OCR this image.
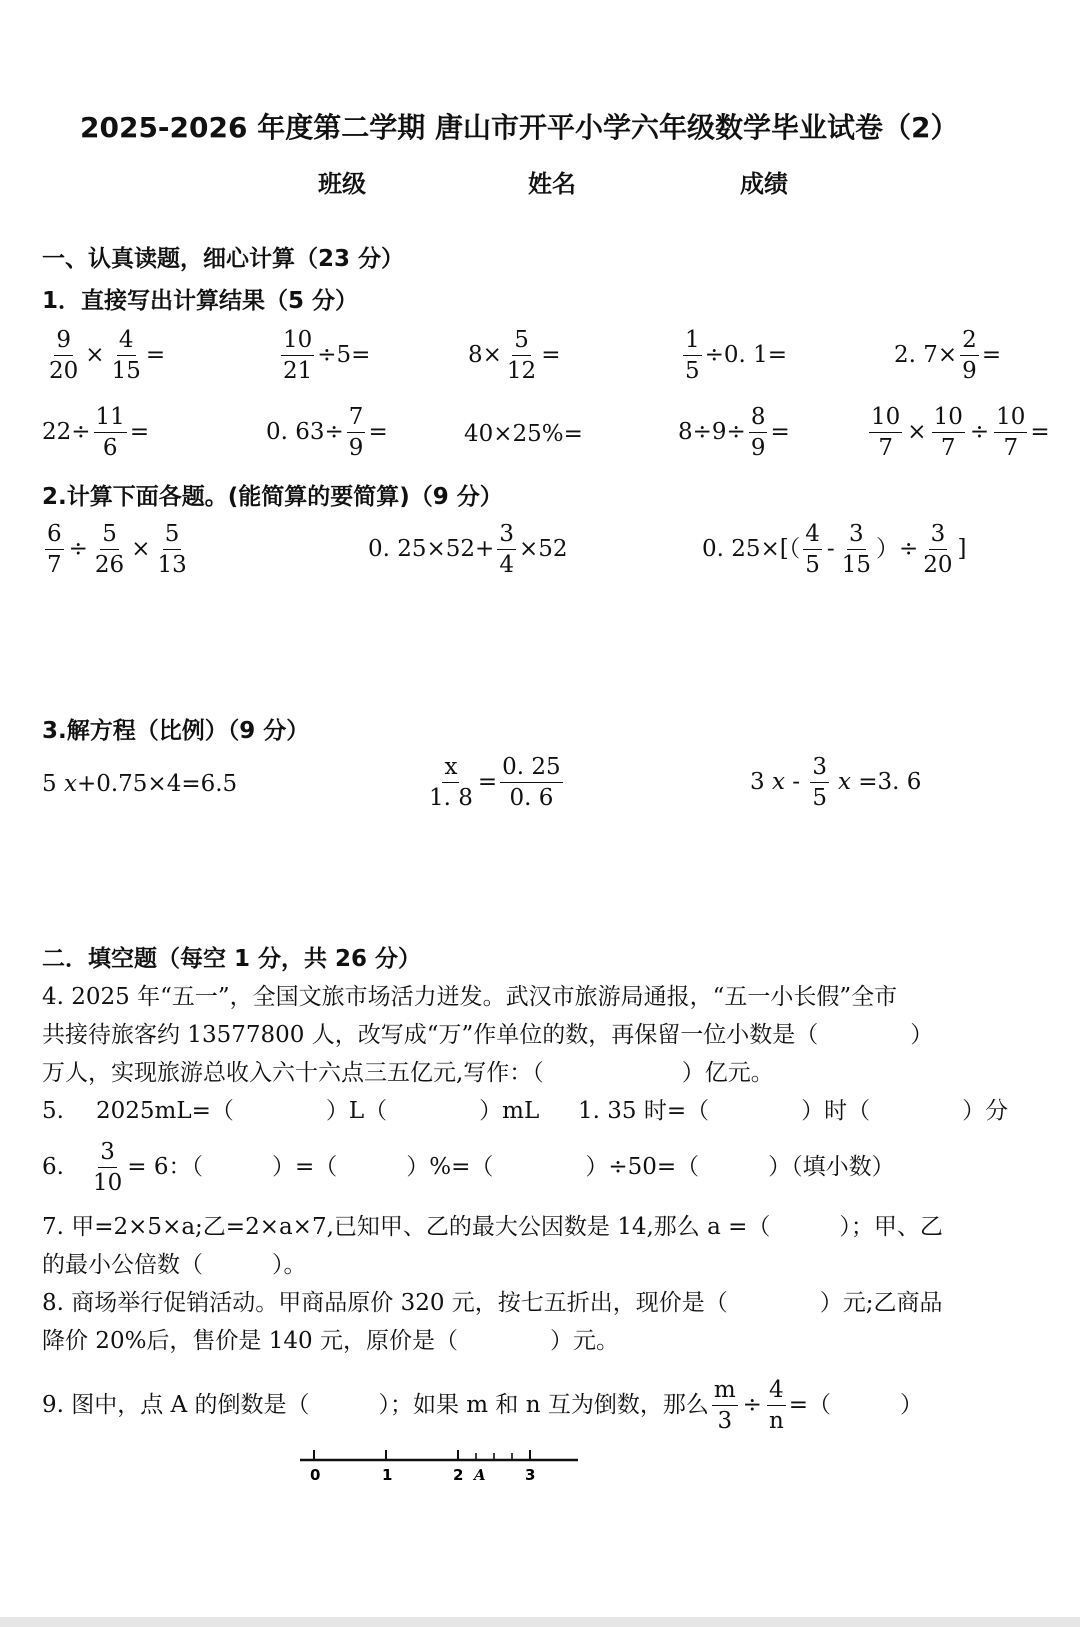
2025-2026 年度第二学期 唐山市开平小学六年级数学毕业试卷（2）
班级	姓名	成绩
一、认真读题，细心计算（23 分）
1．直接写出计算结果（5 分）
$\frac{9}{20} \times \frac{4}{15}$ =	$\frac{10}{21} \div 5=$	$8\times \frac{5}{12}$ =	$\frac{1}{5} \div 0$. 1=	2. $7\times \frac{2}{9}$ =
$22\div \frac{11}{6}$ =	0. $63\div \frac{7}{9}$ =	40×25%=	$8\div 9\div \frac{8}{9}$ =	$\frac{10}{7} \times \frac{10}{7} \div \frac{10}{7}$ =
2.计算下面各题。(能简算的要简算)（9 分）
$\frac{6}{7} \div \frac{5}{26} \times \frac{5}{13}$	0. $25\times 52+ \frac{3}{4} \times 52$	0. $25\times[( \frac{4}{5} - \frac{3}{15}$ ）÷ $\frac{3}{20}$ ]
3.解方程（比例）（9 分）
5 x +0.75×4=6.5	$\frac{x}{1. 8} = \frac{0. 25}{0. 6}$	3 x - $\frac{3}{5}$ x =3. 6
二．填空题（每空 1 分，共 26 分）
4. 2025 年“五一”，全国文旅市场活力迸发。武汉市旅游局通报，“五一小长假”全市
共接待旅客约 13577800 人，改写成“万”作单位的数，再保留一位小数是（　　　　）
万人，实现旅游总收入六十六点三五亿元,写作：（　　　　　　）亿元。
5. 2025mL=（　　　　）L（　　　　）mL 1. 35 时=（　　　　）时（　　　　）分
6. $\frac{3}{10} = 6$：（　　　）=（　　　）%=（　　　　）÷50=（　　　）（填小数）
7. 甲=2×5×a;乙=2×a×7,已知甲、乙的最大公因数是 14,那么 a =（　　　）；甲、乙
的最小公倍数（　　　）。
8. 商场举行促销活动。甲商品原价 320 元，按七五折出，现价是（　　　　）元;乙商品
降价 20%后，售价是 140 元，原价是（　　　　）元。
9. 图中，点 A 的倒数是（　　　）；如果 m 和 n 互为倒数，那么 $\frac{m}{3} \div \frac{4}{n}$ =（　　　）
0	1	2 A	3
